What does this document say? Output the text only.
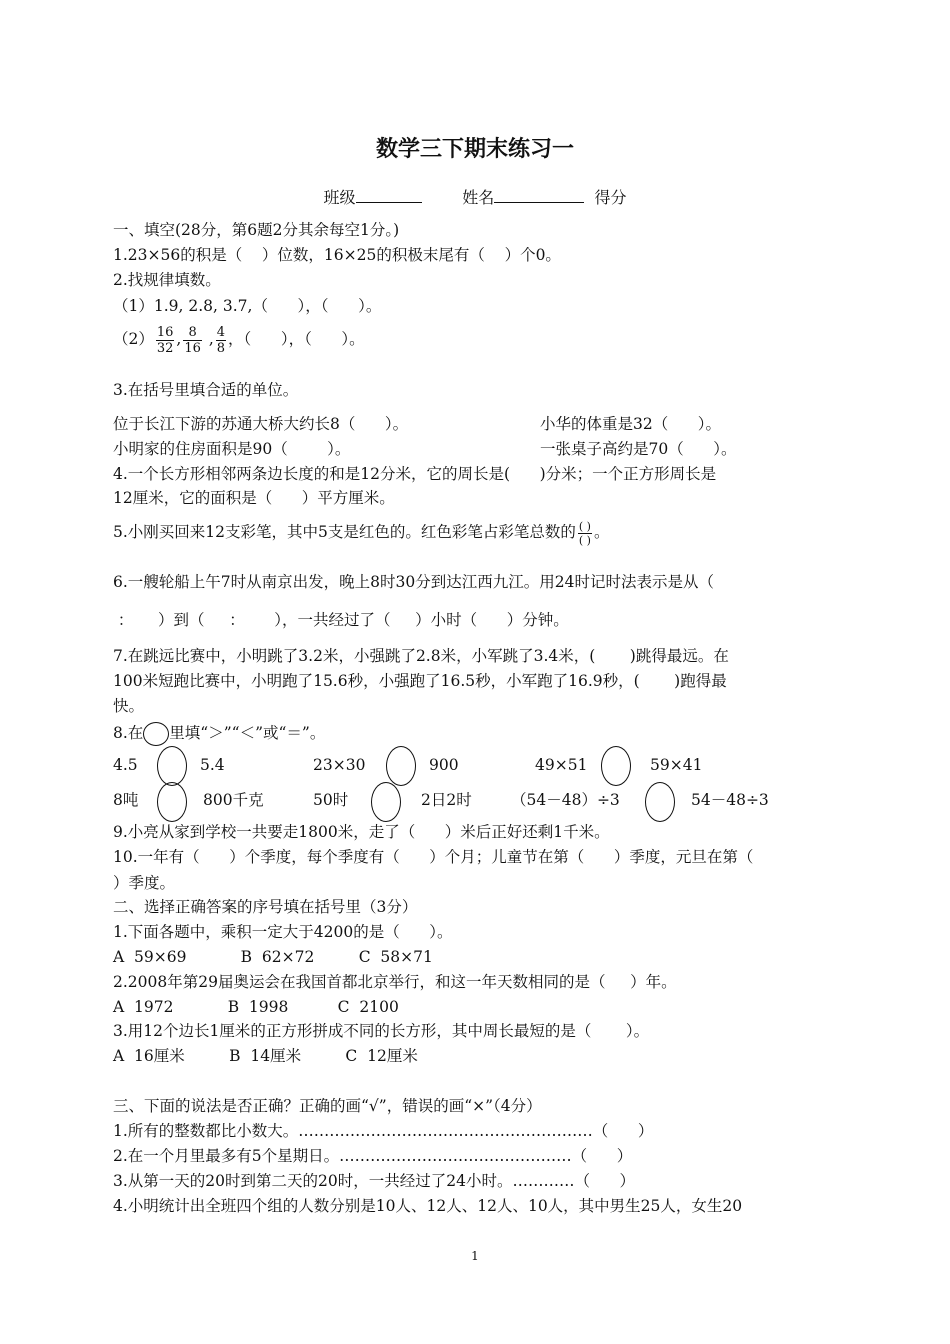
数学三下期末练习一
班级	姓名	得分
一、填空(28分，第6题2分其余每空1分。)
1.23×56的积是（    ）位数，16×25的积极末尾有（    ）个0。
2.找规律填数。
（1）1.9, 2.8, 3.7,（      ），（      ）。
$(2) \frac{16}{32}$ , $\frac{8}{16}$ , $\frac{4}{8}$ ，（      ），（      ）。
3.在括号里填合适的单位。
位于长江下游的苏通大桥大约长8（      ）。	小华的体重是32（      ）。
小明家的住房面积是90（        ）。	一张桌子高约是70（      ）。
4.一个长方形相邻两条边长度的和是12分米，它的周长是(      )分米；一个正方形周长是
12厘米，它的面积是（      ）平方厘米。
5.小刚买回来12支彩笔，其中5支是红色的。红色彩笔占彩笔总数的 $\frac{( )}{( )}$ 。
6.一艘轮船上午7时从南京出发，晚上8时30分到达江西九江。用24时记时法表示是从（
：     ）到（     ：      ），一共经过了（     ）小时（      ）分钟。
7.在跳远比赛中，小明跳了3.2米，小强跳了2.8米，小军跳了3.4米，(       )跳得最远。在
100米短跑比赛中，小明跑了15.6秒，小强跑了16.5秒，小军跑了16.9秒，(       )跑得最
快。
8.在 里填“＞”“＜”或“＝”。
4.5	5.4	23×30	900	49×51	59×41
8吨	800千克	50时	2日2时	（54－48）÷3	54－48÷3
9.小亮从家到学校一共要走1800米，走了（      ）米后正好还剩1千米。
10.一年有（      ）个季度，每个季度有（      ）个月；儿童节在第（      ）季度，元旦在第（
）季度。
二、选择正确答案的序号填在括号里（3分）
1.下面各题中，乘积一定大于4200的是（      ）。
A  59×69           B  62×72         C  58×71
2.2008年第29届奥运会在我国首都北京举行，和这一年天数相同的是（     ）年。
A  1972           B  1998          C  2100
3.用12个边长1厘米的正方形拼成不同的长方形，其中周长最短的是（       ）。
A  16厘米         B  14厘米         C  12厘米
三、下面的说法是否正确？正确的画“√”，错误的画“×”（4分）
1.所有的整数都比小数大。…………………………………………………（      ）
2.在一个月里最多有5个星期日。………………………………………（      ）
3.从第一天的20时到第二天的20时，一共经过了24小时。…………（      ）
4.小明统计出全班四个组的人数分别是10人、12人、12人、10人，其中男生25人，女生20
1
